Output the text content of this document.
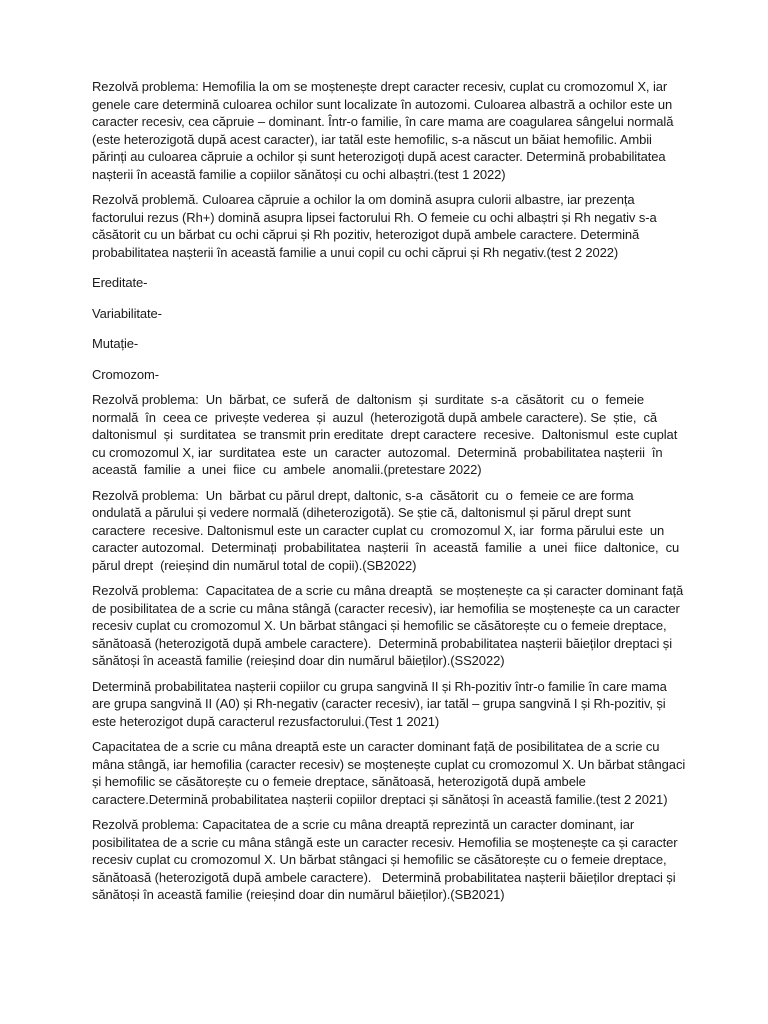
Rezolvă problema: Hemofilia la om se moștenește drept caracter recesiv, cuplat cu cromozomul X, iar genele care determină culoarea ochilor sunt localizate în autozomi. Culoarea albastră a ochilor este un caracter recesiv, cea căpruie – dominant. Într-o familie, în care mama are coagularea sângelui normală (este heterozigotă după acest caracter), iar tatăl este hemofilic, s-a născut un băiat hemofilic. Ambii părinți au culoarea căpruie a ochilor și sunt heterozigoți după acest caracter. Determină probabilitatea nașterii în această familie a copiilor sănătoși cu ochi albaștri.(test 1 2022)

Rezolvă problemă. Culoarea căpruie a ochilor la om domină asupra culorii albastre, iar prezența factorului rezus (Rh+) domină asupra lipsei factorului Rh. O femeie cu ochi albaștri și Rh negativ s-a căsătorit cu un bărbat cu ochi căprui și Rh pozitiv, heterozigot după ambele caractere. Determină probabilitatea nașterii în această familie a unui copil cu ochi căprui și Rh negativ.(test 2 2022)

Ereditate-

Variabilitate-

Mutație-

Cromozom-

Rezolvă problema:  Un  bărbat, ce  suferă  de  daltonism  și  surditate  s-a  căsătorit  cu  o  femeie normală  în  ceea ce  privește vederea  și  auzul  (heterozigotă după ambele caractere). Se  știe,  că daltonismul  și  surditatea  se transmit prin ereditate  drept caractere  recesive.  Daltonismul  este cuplat  cu cromozomul X, iar  surditatea  este  un  caracter  autozomal.  Determină  probabilitatea nașterii  în  această  familie  a  unei  fiice  cu  ambele  anomalii.(pretestare 2022)

Rezolvă problema:  Un  bărbat cu părul drept, daltonic, s-a  căsătorit  cu  o  femeie ce are forma ondulată a părului și vedere normală (diheterozigotă). Se știe că, daltonismul și părul drept sunt caractere  recesive. Daltonismul este un caracter cuplat cu  cromozomul X, iar  forma părului este  un caracter autozomal.  Determinați  probabilitatea  nașterii  în  această  familie  a  unei  fiice  daltonice,  cu părul drept  (reieșind din numărul total de copii).(SB2022)

Rezolvă problema:  Capacitatea de a scrie cu mâna dreaptă  se moștenește ca și caracter dominant față de posibilitatea de a scrie cu mâna stângă (caracter recesiv), iar hemofilia se moștenește ca un caracter recesiv cuplat cu cromozomul X. Un bărbat stângaci și hemofilic se căsătorește cu o femeie dreptace, sănătoasă (heterozigotă după ambele caractere).  Determină probabilitatea nașterii băieților dreptaci și sănătoși în această familie (reieșind doar din numărul băieților).(SS2022)

Determină probabilitatea nașterii copiilor cu grupa sangvină II și Rh-pozitiv într-o familie în care mama are grupa sangvină II (A0) și Rh-negativ (caracter recesiv), iar tatăl – grupa sangvină I și Rh-pozitiv, și este heterozigot după caracterul rezusfactorului.(Test 1 2021)

Capacitatea de a scrie cu mâna dreaptă este un caracter dominant față de posibilitatea de a scrie cu mâna stângă, iar hemofilia (caracter recesiv) se moștenește cuplat cu cromozomul X. Un bărbat stângaci și hemofilic se căsătorește cu o femeie dreptace, sănătoasă, heterozigotă după ambele caractere.Determină probabilitatea nașterii copiilor dreptaci și sănătoși în această familie.(test 2 2021)

Rezolvă problema: Capacitatea de a scrie cu mâna dreaptă reprezintă un caracter dominant, iar posibilitatea de a scrie cu mâna stângă este un caracter recesiv. Hemofilia se moștenește ca și caracter recesiv cuplat cu cromozomul X. Un bărbat stângaci și hemofilic se căsătorește cu o femeie dreptace, sănătoasă (heterozigotă după ambele caractere).   Determină probabilitatea nașterii băieților dreptaci și sănătoși în această familie (reieșind doar din numărul băieților).(SB2021)
